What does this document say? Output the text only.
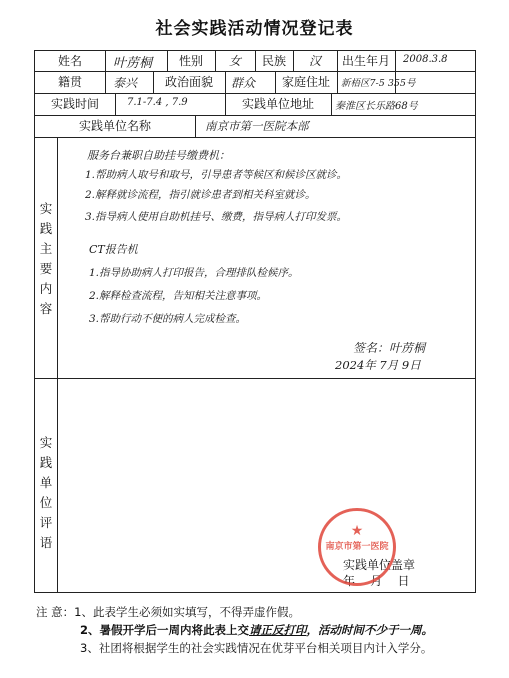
社会实践活动情况登记表
姓名	叶苈桐	性别	女	民族	汉	出生年月	2008.3.8
籍贯	泰兴	政治面貌	群众	家庭住址	新梧区7-5 355号
实践时间	7.1-7.4 , 7.9	实践单位地址	秦淮区长乐路68号
实践单位名称	南京市第一医院本部
实
践
主
要
内
容
服务台兼职自助挂号缴费机：
1.帮助病人取号和取号，引导患者等候区和候诊区就诊。
2.解释就诊流程，指引就诊患者到相关科室就诊。
3.指导病人使用自助机挂号、缴费，指导病人打印发票。
CT报告机
1.指导协助病人打印报告，合理排队检候序。
2.解释检查流程，告知相关注意事项。
3.帮助行动不便的病人完成检查。
签名：叶苈桐
2024年 7月 9日
实
践
单
位
评
语
实践单位盖章
年    月    日
★
南京市第一医院
注 意：1、此表学生必须如实填写，不得弄虚作假。
2、暑假开学后一周内将此表上交请正反打印，活动时间不少于一周。
3、社团将根据学生的社会实践情况在优芽平台相关项目内计入学分。
